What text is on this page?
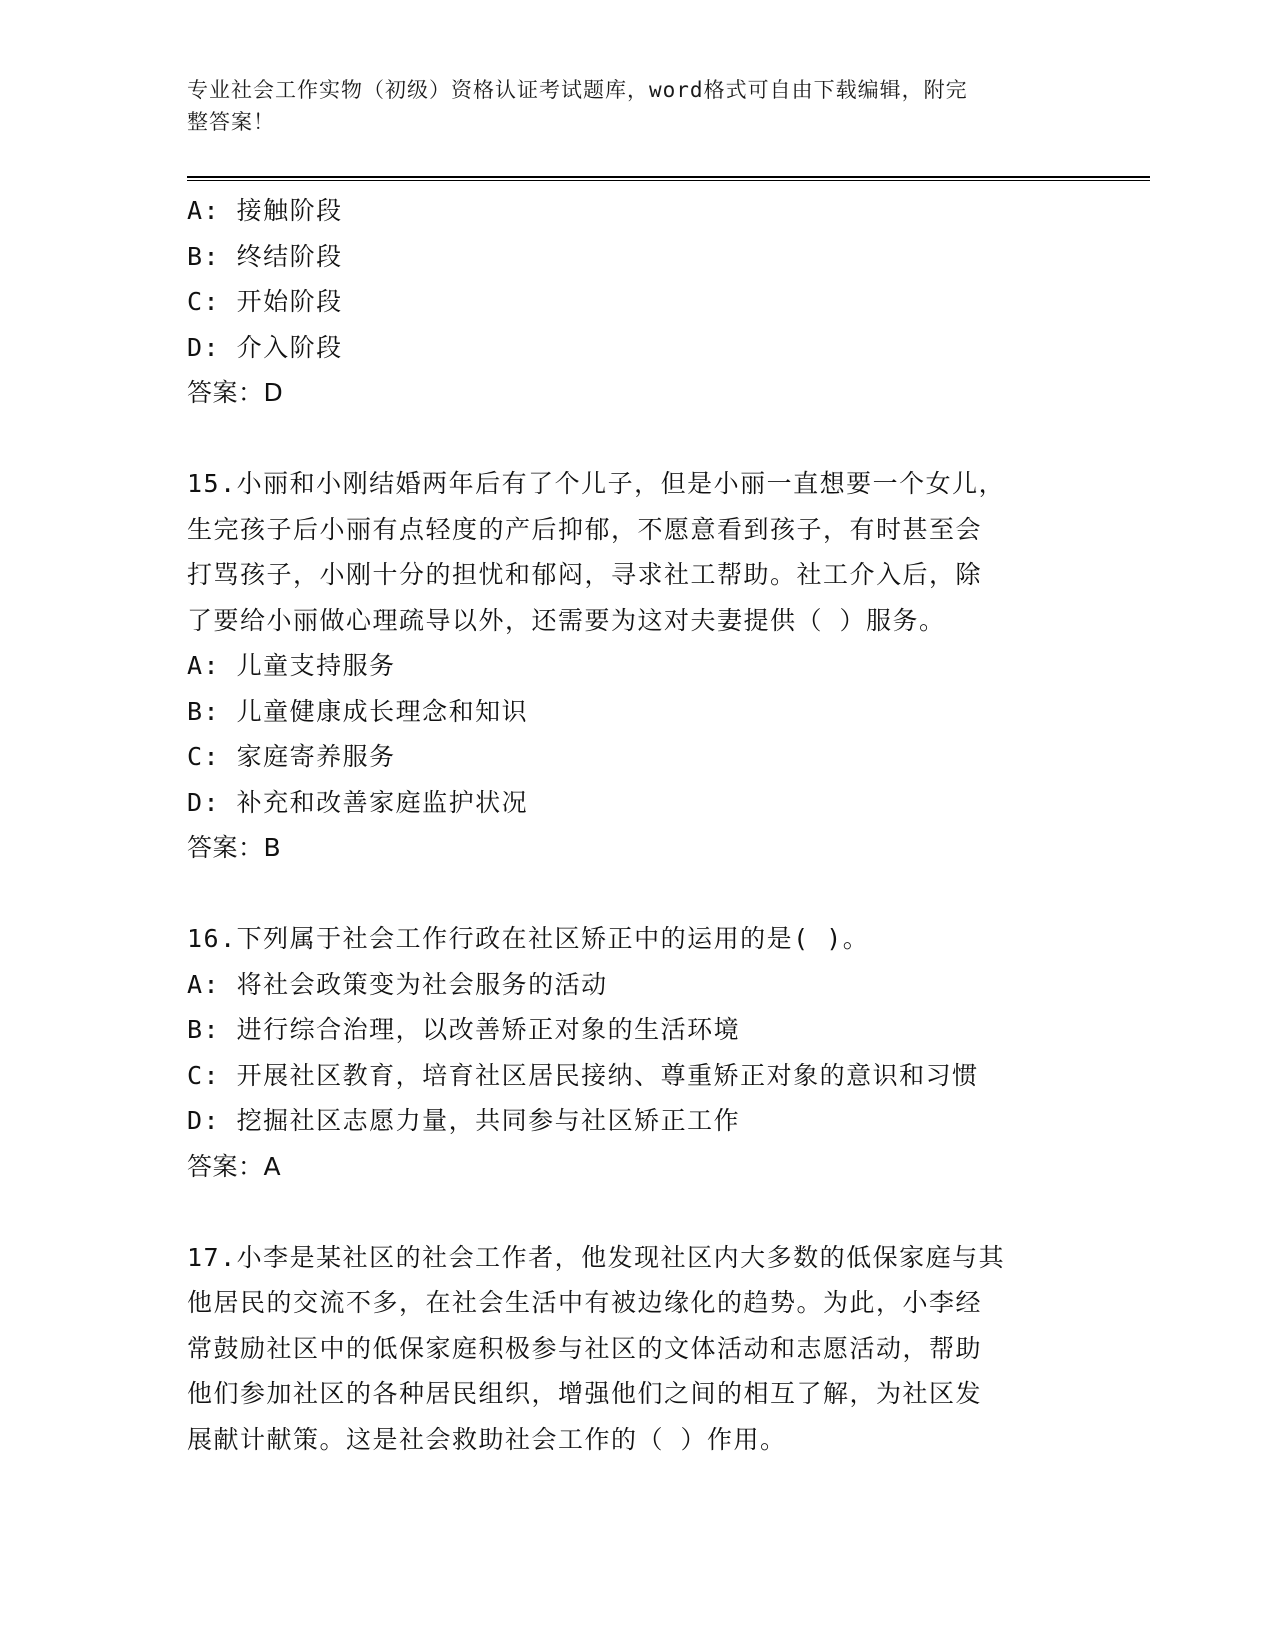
专业社会工作实物（初级）资格认证考试题库，word格式可自由下载编辑，附完
整答案！
A: 接触阶段
B: 终结阶段
C: 开始阶段
D: 介入阶段
答案：D
15.小丽和小刚结婚两年后有了个儿子，但是小丽一直想要一个女儿，
生完孩子后小丽有点轻度的产后抑郁，不愿意看到孩子，有时甚至会
打骂孩子，小刚十分的担忧和郁闷，寻求社工帮助。社工介入后，除
了要给小丽做心理疏导以外，还需要为这对夫妻提供（ ）服务。
A: 儿童支持服务
B: 儿童健康成长理念和知识
C: 家庭寄养服务
D: 补充和改善家庭监护状况
答案：B
16.下列属于社会工作行政在社区矫正中的运用的是( )。
A: 将社会政策变为社会服务的活动
B: 进行综合治理，以改善矫正对象的生活环境
C: 开展社区教育，培育社区居民接纳、尊重矫正对象的意识和习惯
D: 挖掘社区志愿力量，共同参与社区矫正工作
答案：A
17.小李是某社区的社会工作者，他发现社区内大多数的低保家庭与其
他居民的交流不多，在社会生活中有被边缘化的趋势。为此，小李经
常鼓励社区中的低保家庭积极参与社区的文体活动和志愿活动，帮助
他们参加社区的各种居民组织，增强他们之间的相互了解，为社区发
展献计献策。这是社会救助社会工作的（ ）作用。
